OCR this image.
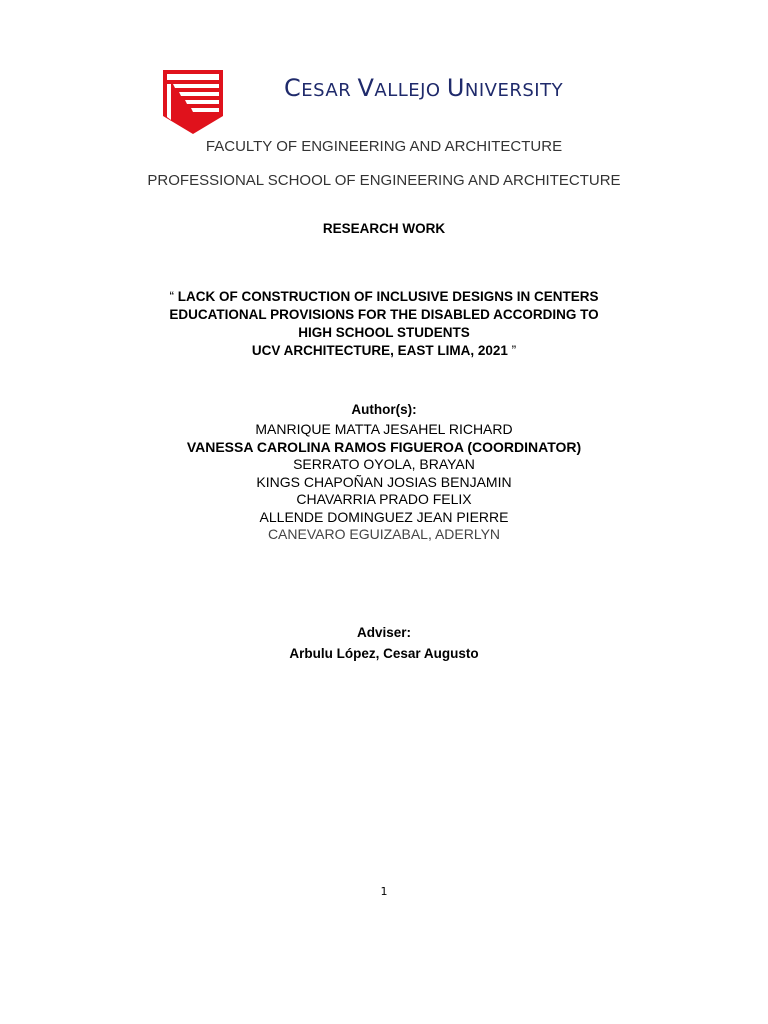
CESAR VALLEJO UNIVERSITY
FACULTY OF ENGINEERING AND ARCHITECTURE
PROFESSIONAL SCHOOL OF ENGINEERING AND ARCHITECTURE
RESEARCH WORK
“ LACK OF CONSTRUCTION OF INCLUSIVE DESIGNS IN CENTERS
EDUCATIONAL PROVISIONS FOR THE DISABLED ACCORDING TO
HIGH SCHOOL STUDENTS
UCV ARCHITECTURE, EAST LIMA, 2021 ”
Author(s):
MANRIQUE MATTA JESAHEL RICHARD
VANESSA CAROLINA RAMOS FIGUEROA (COORDINATOR)
SERRATO OYOLA, BRAYAN
KINGS CHAPOÑAN JOSIAS BENJAMIN
CHAVARRIA PRADO FELIX
ALLENDE DOMINGUEZ JEAN PIERRE
CANEVARO EGUIZABAL, ADERLYN
Adviser:
Arbulu López, Cesar Augusto
1
